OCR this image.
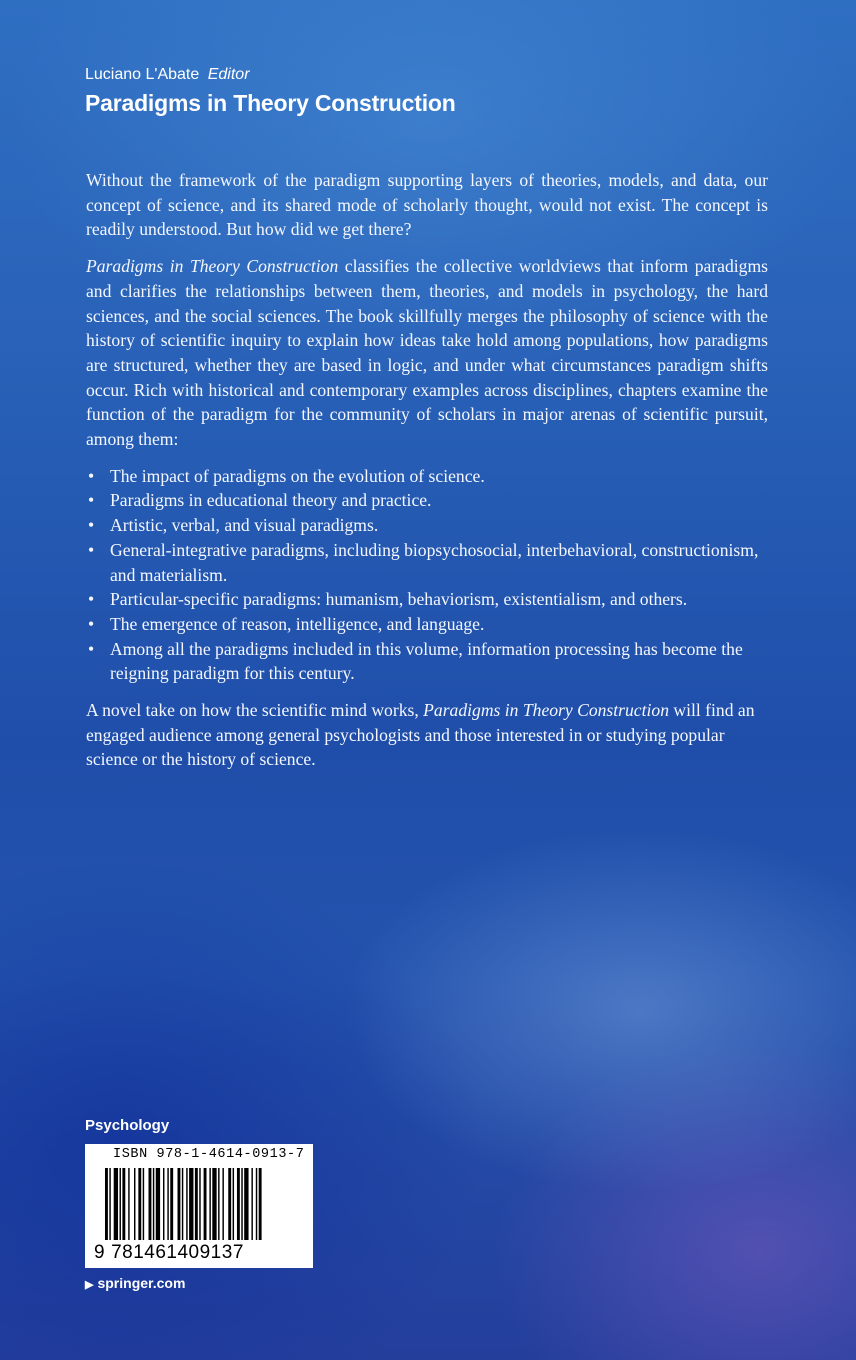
Luciano L'Abate Editor
Paradigms in Theory Construction

Without the framework of the paradigm supporting layers of theories, models, and data, our concept of science, and its shared mode of scholarly thought, would not exist. The concept is readily understood. But how did we get there?

Paradigms in Theory Construction classifies the collective worldviews that inform paradigms and clarifies the relationships between them, theories, and models in psychology, the hard sciences, and the social sciences. The book skillfully merges the philosophy of science with the history of scientific inquiry to explain how ideas take hold among populations, how paradigms are structured, whether they are based in logic, and under what circumstances paradigm shifts occur. Rich with historical and contemporary examples across disciplines, chapters examine the function of the paradigm for the community of scholars in major arenas of scientific pursuit, among them:

• The impact of paradigms on the evolution of science.
• Paradigms in educational theory and practice.
• Artistic, verbal, and visual paradigms.
• General-integrative paradigms, including biopsychosocial, interbehavioral, constructionism, and materialism.
• Particular-specific paradigms: humanism, behaviorism, existentialism, and others.
• The emergence of reason, intelligence, and language.
• Among all the paradigms included in this volume, information processing has become the reigning paradigm for this century.

A novel take on how the scientific mind works, Paradigms in Theory Construction will find an engaged audience among general psychologists and those interested in or studying popular science or the history of science.

Psychology
ISBN 978-1-4614-0913-7
9 781461409137
▶ springer.com
